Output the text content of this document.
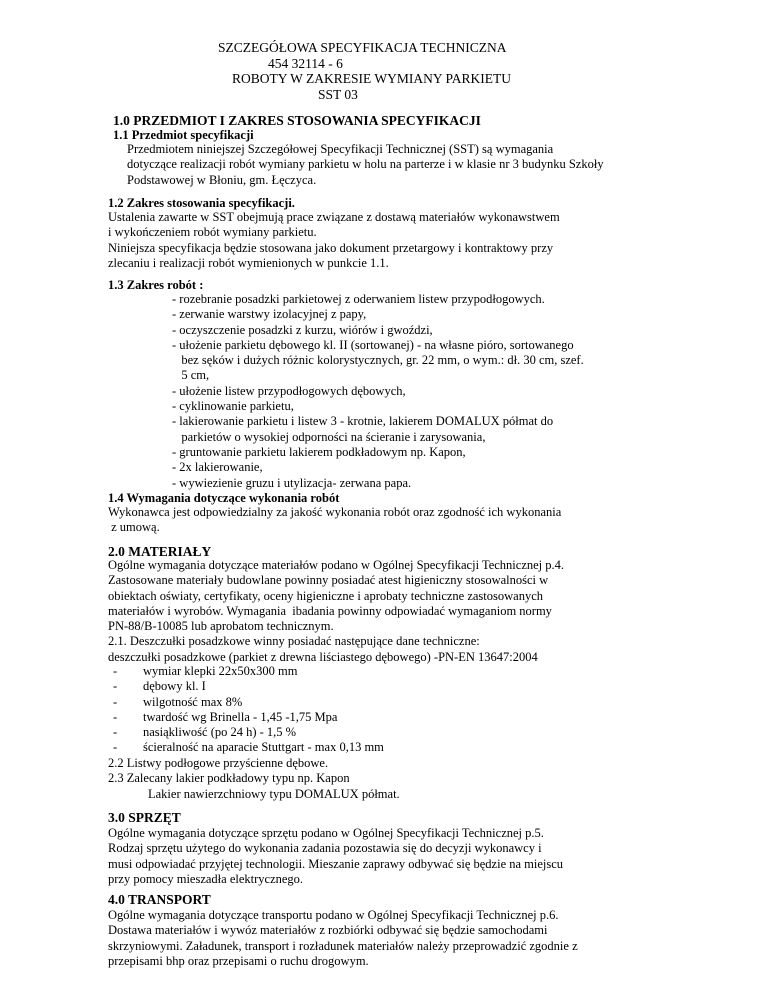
SZCZEGÓŁOWA SPECYFIKACJA TECHNICZNA
454 32114 - 6
ROBOTY W ZAKRESIE WYMIANY PARKIETU
SST 03
1.0 PRZEDMIOT I ZAKRES STOSOWANIA SPECYFIKACJI
1.1 Przedmiot specyfikacji
Przedmiotem niniejszej Szczegółowej Specyfikacji Technicznej (SST) są wymagania
dotyczące realizacji robót wymiany parkietu w holu na parterze i w klasie nr 3 budynku Szkoły
Podstawowej w Błoniu, gm. Łęczyca.
1.2 Zakres stosowania specyfikacji.
Ustalenia zawarte w SST obejmują prace związane z dostawą materiałów wykonawstwem
i wykończeniem robót wymiany parkietu.
Niniejsza specyfikacja będzie stosowana jako dokument przetargowy i kontraktowy przy
zlecaniu i realizacji robót wymienionych w punkcie 1.1.
1.3 Zakres robót :
- rozebranie posadzki parkietowej z oderwaniem listew przypodłogowych.
- zerwanie warstwy izolacyjnej z papy,
- oczyszczenie posadzki z kurzu, wiórów i gwoździ,
- ułożenie parkietu dębowego kl. II (sortowanej) - na własne pióro, sortowanego
bez sęków i dużych różnic kolorystycznych, gr. 22 mm, o wym.: dł. 30 cm, szef.
5 cm,
- ułożenie listew przypodłogowych dębowych,
- cyklinowanie parkietu,
- lakierowanie parkietu i listew 3 - krotnie, lakierem DOMALUX półmat do
parkietów o wysokiej odporności na ścieranie i zarysowania,
- gruntowanie parkietu lakierem podkładowym np. Kapon,
- 2x lakierowanie,
- wywiezienie gruzu i utylizacja- zerwana papa.
1.4 Wymagania dotyczące wykonania robót
Wykonawca jest odpowiedzialny za jakość wykonania robót oraz zgodność ich wykonania
z umową.
2.0 MATERIAŁY
Ogólne wymagania dotyczące materiałów podano w Ogólnej Specyfikacji Technicznej p.4.
Zastosowane materiały budowlane powinny posiadać atest higieniczny stosowalności w
obiektach oświaty, certyfikaty, oceny higieniczne i aprobaty techniczne zastosowanych
materiałów i wyrobów. Wymagania  ibadania powinny odpowiadać wymaganiom normy
PN-88/B-10085 lub aprobatom technicznym.
2.1. Deszczułki posadzkowe winny posiadać następujące dane techniczne:
deszczułki posadzkowe (parkiet z drewna liściastego dębowego) -PN-EN 13647:2004
- wymiar klepki 22x50x300 mm
- dębowy kl. I
- wilgotność max 8%
- twardość wg Brinella - 1,45 -1,75 Mpa
- nasiąkliwość (po 24 h) - 1,5 %
- ścieralność na aparacie Stuttgart - max 0,13 mm
2.2 Listwy podłogowe przyścienne dębowe.
2.3 Zalecany lakier podkładowy typu np. Kapon
Lakier nawierzchniowy typu DOMALUX półmat.
3.0 SPRZĘT
Ogólne wymagania dotyczące sprzętu podano w Ogólnej Specyfikacji Technicznej p.5.
Rodzaj sprzętu użytego do wykonania zadania pozostawia się do decyzji wykonawcy i
musi odpowiadać przyjętej technologii. Mieszanie zaprawy odbywać się będzie na miejscu
przy pomocy mieszadła elektrycznego.
4.0 TRANSPORT
Ogólne wymagania dotyczące transportu podano w Ogólnej Specyfikacji Technicznej p.6.
Dostawa materiałów i wywóz materiałów z rozbiórki odbywać się będzie samochodami
skrzyniowymi. Załadunek, transport i rozładunek materiałów należy przeprowadzić zgodnie z
przepisami bhp oraz przepisami o ruchu drogowym.
